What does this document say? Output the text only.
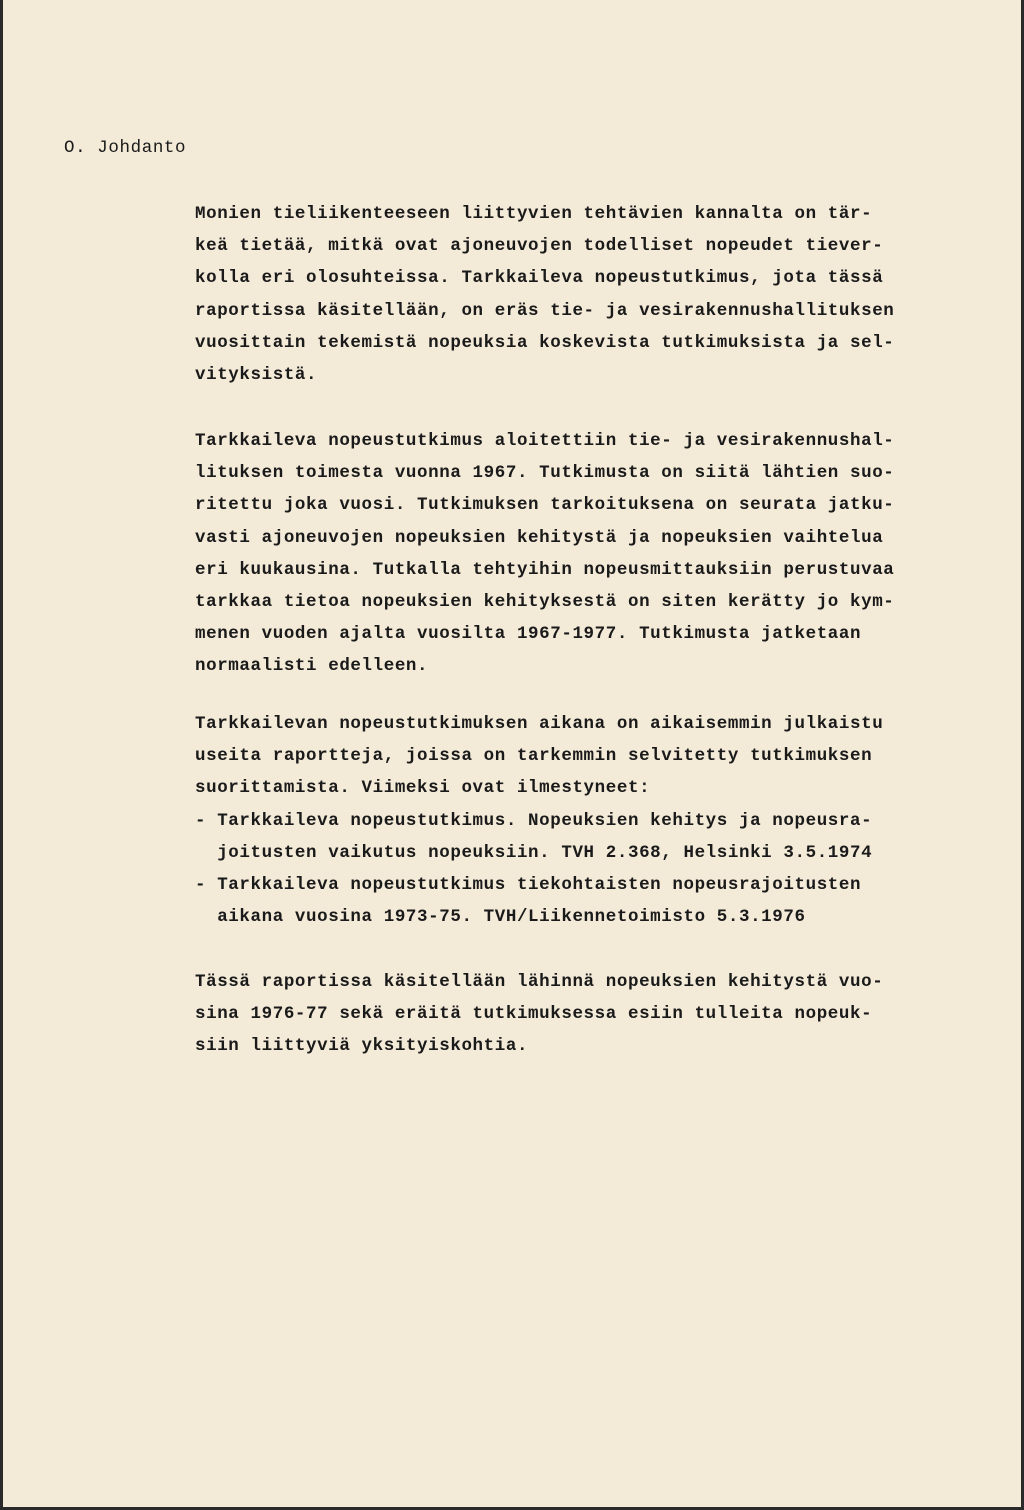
O. Johdanto
Monien tieliikenteeseen liittyvien tehtävien kannalta on tär-
keä tietää, mitkä ovat ajoneuvojen todelliset nopeudet tiever-
kolla eri olosuhteissa. Tarkkaileva nopeustutkimus, jota tässä
raportissa käsitellään, on eräs tie- ja vesirakennushallituksen
vuosittain tekemistä nopeuksia koskevista tutkimuksista ja sel-
vityksistä.
Tarkkaileva nopeustutkimus aloitettiin tie- ja vesirakennushal-
lituksen toimesta vuonna 1967. Tutkimusta on siitä lähtien suo-
ritettu joka vuosi. Tutkimuksen tarkoituksena on seurata jatku-
vasti ajoneuvojen nopeuksien kehitystä ja nopeuksien vaihtelua
eri kuukausina. Tutkalla tehtyihin nopeusmittauksiin perustuvaa
tarkkaa tietoa nopeuksien kehityksestä on siten kerätty jo kym-
menen vuoden ajalta vuosilta 1967-1977. Tutkimusta jatketaan
normaalisti edelleen.
Tarkkailevan nopeustutkimuksen aikana on aikaisemmin julkaistu
useita raportteja, joissa on tarkemmin selvitetty tutkimuksen
suorittamista. Viimeksi ovat ilmestyneet:
- Tarkkaileva nopeustutkimus. Nopeuksien kehitys ja nopeusra-
joitusten vaikutus nopeuksiin. TVH 2.368, Helsinki 3.5.1974
- Tarkkaileva nopeustutkimus tiekohtaisten nopeusrajoitusten
aikana vuosina 1973-75. TVH/Liikennetoimisto 5.3.1976
Tässä raportissa käsitellään lähinnä nopeuksien kehitystä vuo-
sina 1976-77 sekä eräitä tutkimuksessa esiin tulleita nopeuk-
siin liittyviä yksityiskohtia.
